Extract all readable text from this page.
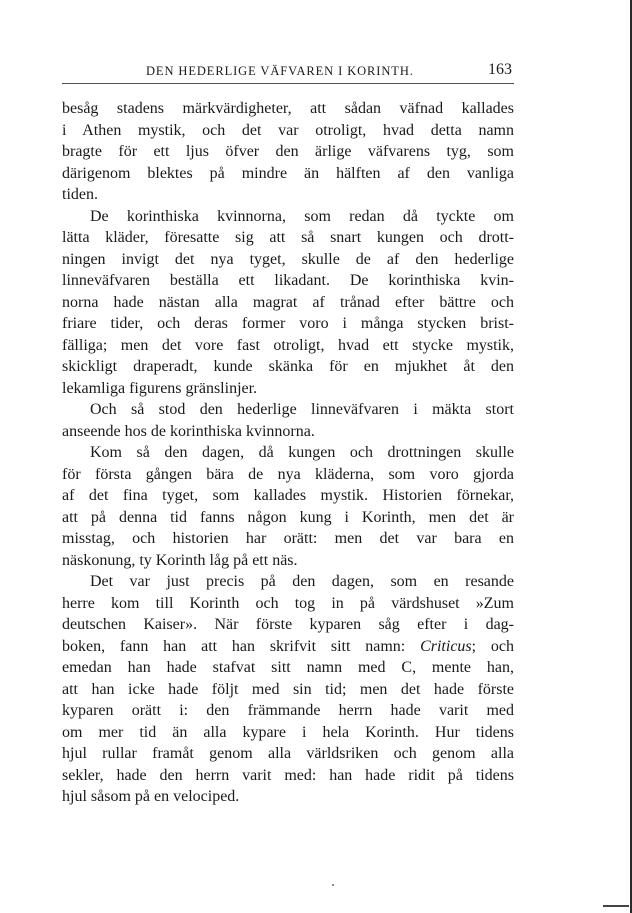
DEN HEDERLIGE VÄFVAREN I KORINTH.	163
besåg stadens märkvärdigheter, att sådan väfnad kallades
i Athen mystik, och det var otroligt, hvad detta namn
bragte för ett ljus öfver den ärlige väfvarens tyg, som
därigenom blektes på mindre än hälften af den vanliga
tiden.
De korinthiska kvinnorna, som redan då tyckte om
lätta kläder, föresatte sig att så snart kungen och drott-
ningen invigt det nya tyget, skulle de af den hederlige
linneväfvaren beställa ett likadant. De korinthiska kvin-
norna hade nästan alla magrat af trånad efter bättre och
friare tider, och deras former voro i många stycken brist-
fälliga; men det vore fast otroligt, hvad ett stycke mystik,
skickligt draperadt, kunde skänka för en mjukhet åt den
lekamliga figurens gränslinjer.
Och så stod den hederlige linneväfvaren i mäkta stort
anseende hos de korinthiska kvinnorna.
Kom så den dagen, då kungen och drottningen skulle
för första gången bära de nya kläderna, som voro gjorda
af det fina tyget, som kallades mystik. Historien förnekar,
att på denna tid fanns någon kung i Korinth, men det är
misstag, och historien har orätt: men det var bara en
näskonung, ty Korinth låg på ett näs.
Det var just precis på den dagen, som en resande
herre kom till Korinth och tog in på värdshuset »Zum
deutschen Kaiser». När förste kyparen såg efter i dag-
boken, fann han att han skrifvit sitt namn: Criticus; och
emedan han hade stafvat sitt namn med C, mente han,
att han icke hade följt med sin tid; men det hade förste
kyparen orätt i: den främmande herrn hade varit med
om mer tid än alla kypare i hela Korinth. Hur tidens
hjul rullar framåt genom alla världsriken och genom alla
sekler, hade den herrn varit med: han hade ridit på tidens
hjul såsom på en velociped.
